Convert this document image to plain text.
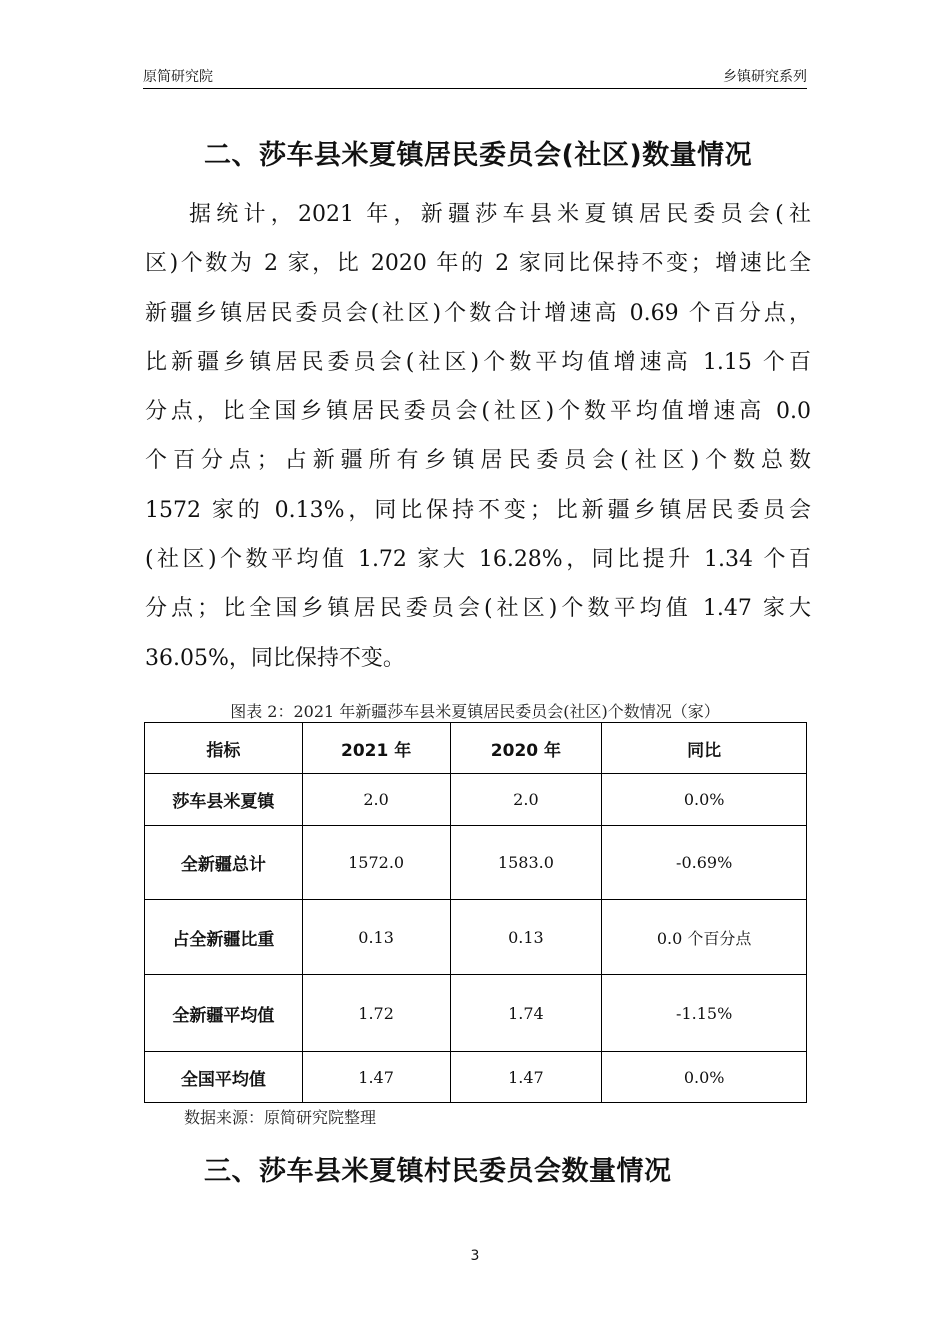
原简研究院	乡镇研究系列
二、莎车县米夏镇居民委员会(社区)数量情况
据统计，2021 年，新疆莎车县米夏镇居民委员会(社
区)个数为 2 家，比 2020 年的 2 家同比保持不变；增速比全
新疆乡镇居民委员会(社区)个数合计增速高 0.69 个百分点，
比新疆乡镇居民委员会(社区)个数平均值增速高 1.15 个百
分点，比全国乡镇居民委员会(社区)个数平均值增速高 0.0
个百分点；占新疆所有乡镇居民委员会(社区)个数总数
1572 家的 0.13%，同比保持不变；比新疆乡镇居民委员会
(社区)个数平均值 1.72 家大 16.28%，同比提升 1.34 个百
分点；比全国乡镇居民委员会(社区)个数平均值 1.47 家大
36.05%，同比保持不变。
图表 2：2021 年新疆莎车县米夏镇居民委员会(社区)个数情况（家）
指标	2021 年	2020 年	同比
莎车县米夏镇	2.0	2.0	0.0%
全新疆总计	1572.0	1583.0	-0.69%
占全新疆比重	0.13	0.13	0.0 个百分点
全新疆平均值	1.72	1.74	-1.15%
全国平均值	1.47	1.47	0.0%
数据来源：原简研究院整理
三、莎车县米夏镇村民委员会数量情况
3
